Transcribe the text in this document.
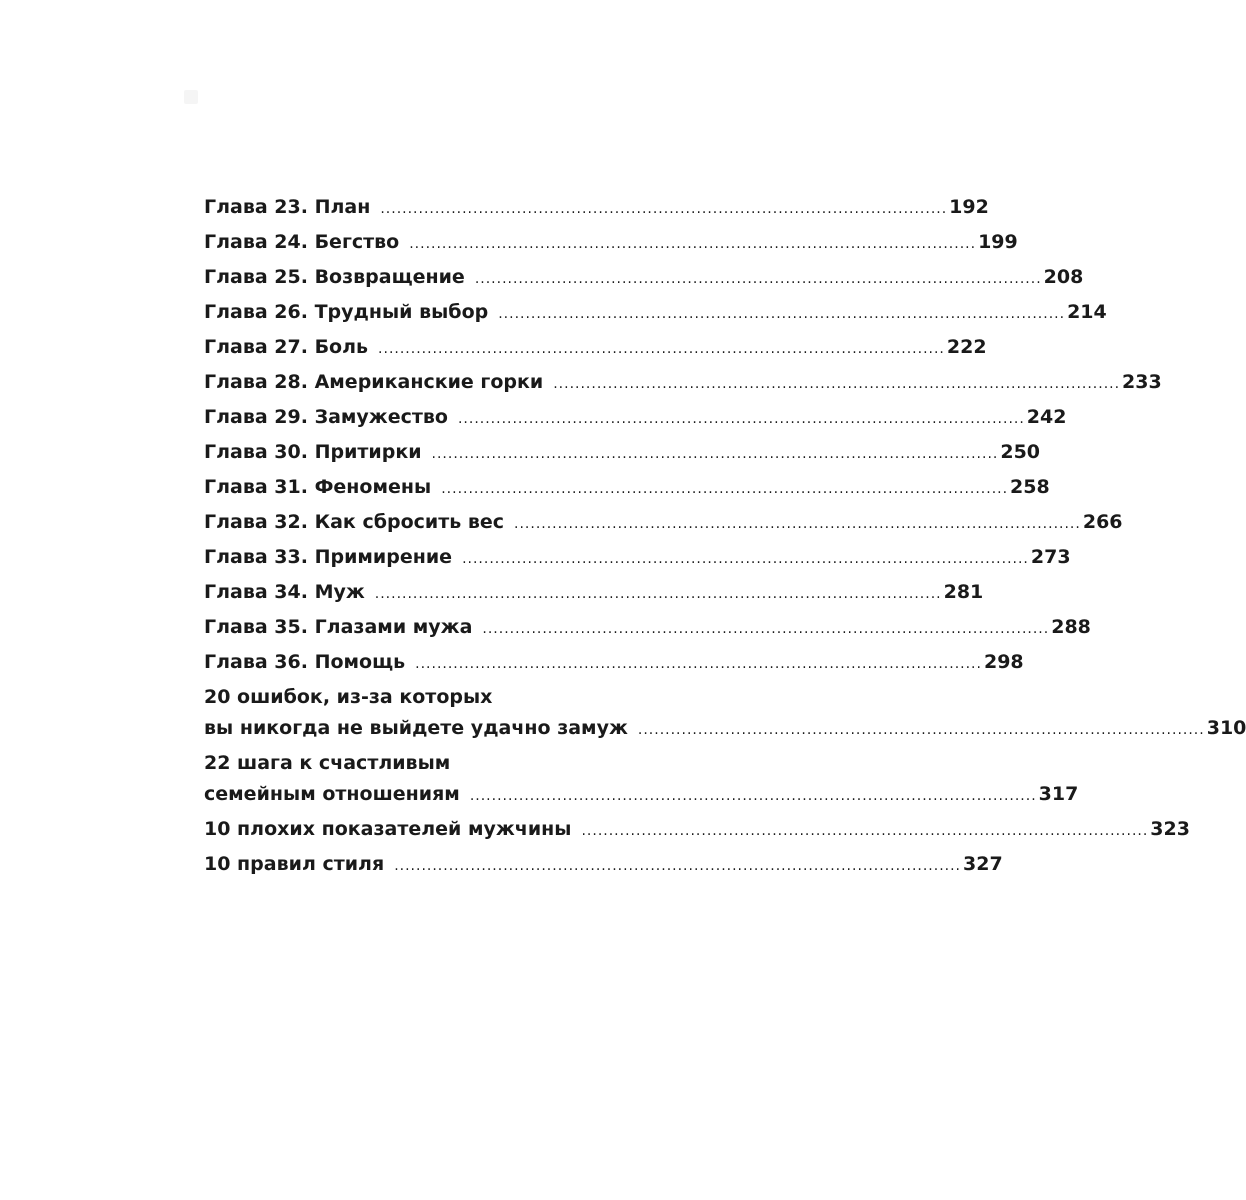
Глава 23. План ........................................................................................................ 192
Глава 24. Бегство ........................................................................................................ 199
Глава 25. Возвращение ........................................................................................................ 208
Глава 26. Трудный выбор ........................................................................................................ 214
Глава 27. Боль ........................................................................................................ 222
Глава 28. Американские горки ........................................................................................................ 233
Глава 29. Замужество ........................................................................................................ 242
Глава 30. Притирки ........................................................................................................ 250
Глава 31. Феномены ........................................................................................................ 258
Глава 32. Как сбросить вес ........................................................................................................ 266
Глава 33. Примирение ........................................................................................................ 273
Глава 34. Муж ........................................................................................................ 281
Глава 35. Глазами мужа ........................................................................................................ 288
Глава 36. Помощь ........................................................................................................ 298
20 ошибок, из-за которых
вы никогда не выйдете удачно замуж ........................................................................................................ 310
22 шага к счастливым
семейным отношениям ........................................................................................................ 317
10 плохих показателей мужчины ........................................................................................................ 323
10 правил стиля ........................................................................................................ 327
